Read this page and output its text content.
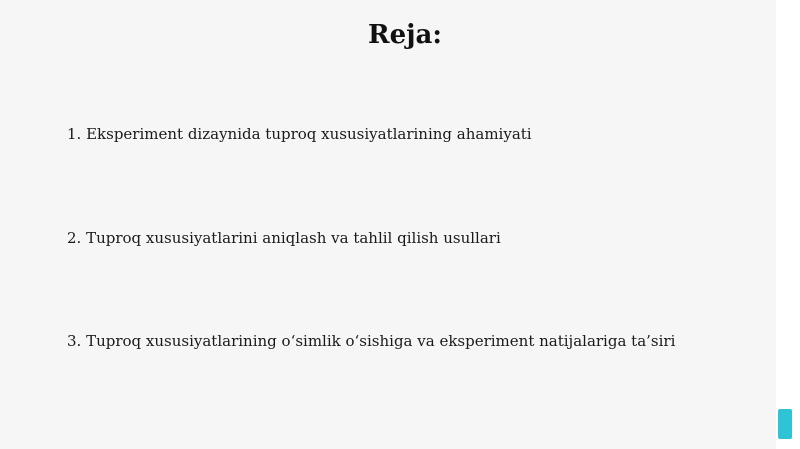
Reja:

1. Eksperiment dizaynida tuproq xususiyatlarining ahamiyati

2. Tuproq xususiyatlarini aniqlash va tahlil qilish usullari

3. Tuproq xususiyatlarining o‘simlik o‘sishiga va eksperiment natijalariga ta’siri
